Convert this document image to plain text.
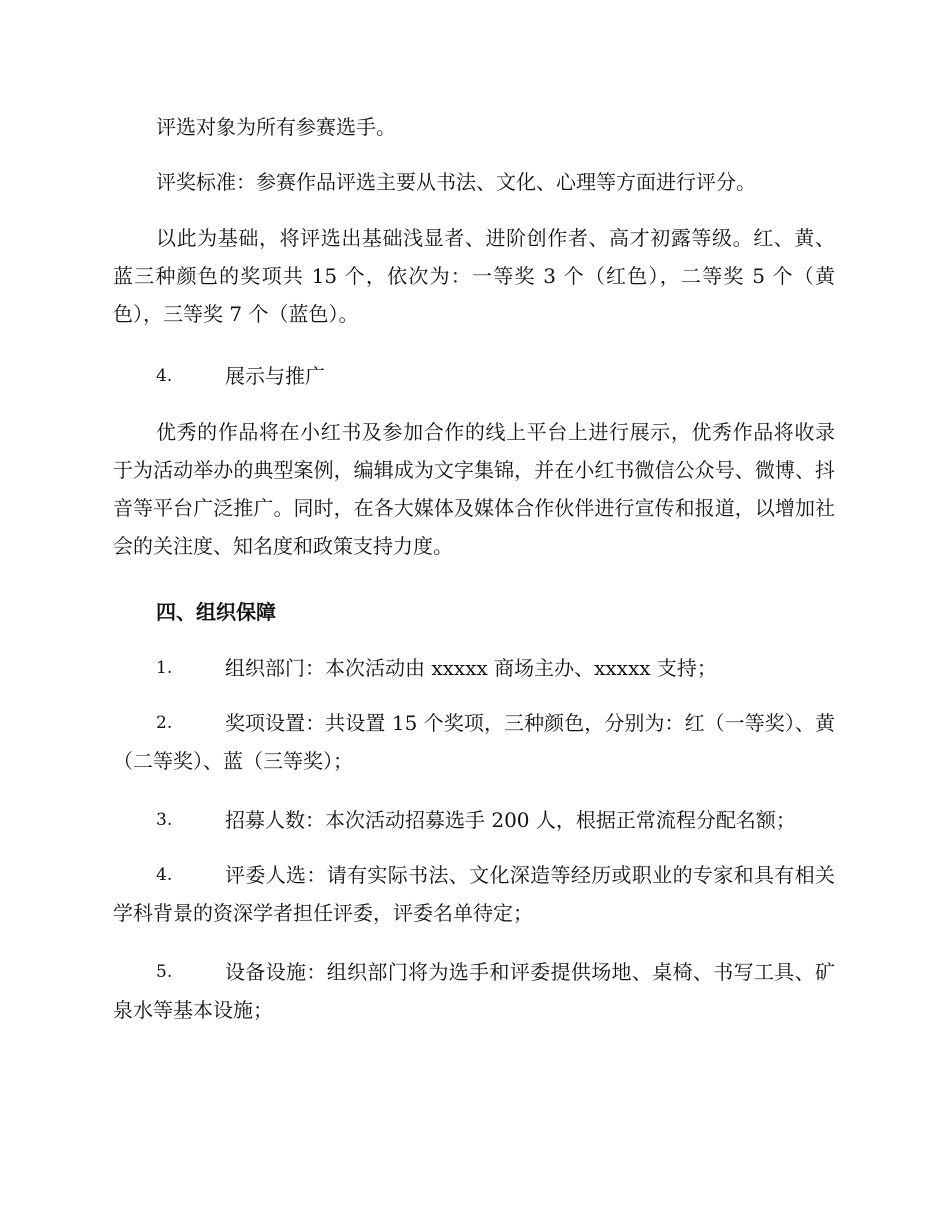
评选对象为所有参赛选手。

评奖标准：参赛作品评选主要从书法、文化、心理等方面进行评分。

以此为基础，将评选出基础浅显者、进阶创作者、高才初露等级。红、黄、蓝三种颜色的奖项共 15 个，依次为：一等奖 3 个（红色），二等奖 5 个（黄色），三等奖 7 个（蓝色）。

4.	展示与推广

优秀的作品将在小红书及参加合作的线上平台上进行展示，优秀作品将收录于为活动举办的典型案例，编辑成为文字集锦，并在小红书微信公众号、微博、抖音等平台广泛推广。同时，在各大媒体及媒体合作伙伴进行宣传和报道，以增加社会的关注度、知名度和政策支持力度。

四、组织保障

1.	组织部门：本次活动由 xxxxx 商场主办、xxxxx 支持；
2.	奖项设置：共设置 15 个奖项，三种颜色，分别为：红（一等奖）、黄（二等奖）、蓝（三等奖）；
3.	招募人数：本次活动招募选手 200 人，根据正常流程分配名额；
4.	评委人选：请有实际书法、文化深造等经历或职业的专家和具有相关学科背景的资深学者担任评委，评委名单待定；
5.	设备设施：组织部门将为选手和评委提供场地、桌椅、书写工具、矿泉水等基本设施；
